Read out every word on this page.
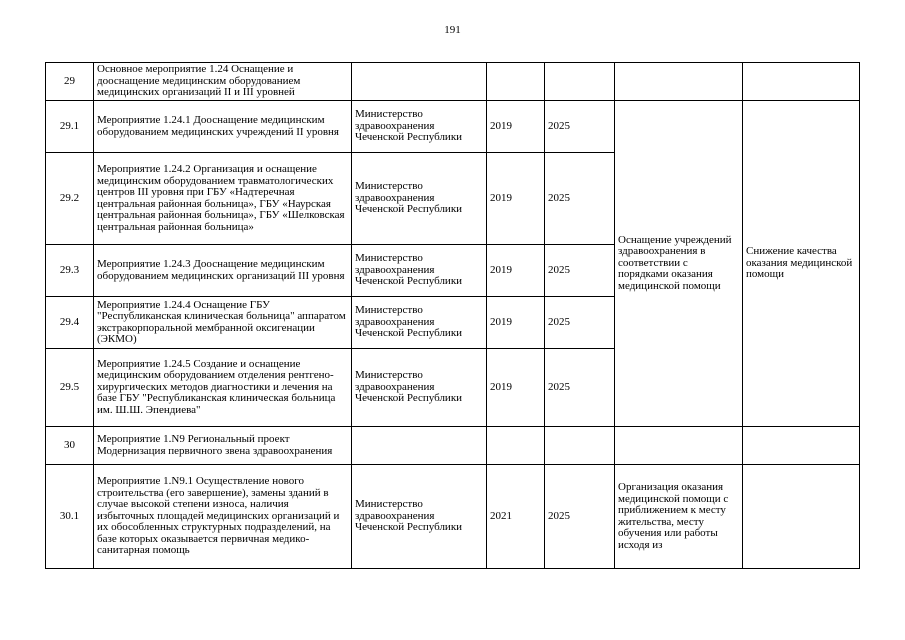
191
29	Основное мероприятие 1.24 Оснащение и дооснащение медицинским оборудованием медицинских организаций II и III уровней					
29.1	Мероприятие 1.24.1 Дооснащение медицинским оборудованием медицинских учреждений II уровня	Министерство здравоохранения Чеченской Республики	2019	2025	Оснащение учреждений здравоохранения в соответствии с порядками оказания медицинской помощи	Снижение качества оказания медицинской помощи
29.2	Мероприятие 1.24.2 Организация и оснащение медицинским оборудованием травматологических центров III уровня при ГБУ «Надтеречная центральная районная больница», ГБУ «Наурская центральная районная больница», ГБУ «Шелковская центральная районная больница»	Министерство здравоохранения Чеченской Республики	2019	2025		
29.3	Мероприятие 1.24.3 Дооснащение медицинским оборудованием медицинских организаций III уровня	Министерство здравоохранения Чеченской Республики	2019	2025		
29.4	Мероприятие 1.24.4 Оснащение ГБУ "Республиканская клиническая больница" аппаратом экстракорпоральной мембранной оксигенации (ЭКМО)	Министерство здравоохранения Чеченской Республики	2019	2025		
29.5	Мероприятие 1.24.5 Создание и оснащение медицинским оборудованием отделения рентгено-хирургических методов диагностики и лечения на базе ГБУ "Республиканская клиническая больница им. Ш.Ш. Эпендиева"	Министерство здравоохранения Чеченской Республики	2019	2025		
30	Мероприятие 1.N9 Региональный проект Модернизация первичного звена здравоохранения					
30.1	Мероприятие 1.N9.1 Осуществление нового строительства (его завершение), замены зданий в случае высокой степени износа, наличия избыточных площадей медицинских организаций и их обособленных структурных подразделений, на базе которых оказывается первичная медико-санитарная помощь	Министерство здравоохранения Чеченской Республики	2021	2025	Организация оказания медицинской помощи с приближением к месту жительства, месту обучения или работы исходя из	
